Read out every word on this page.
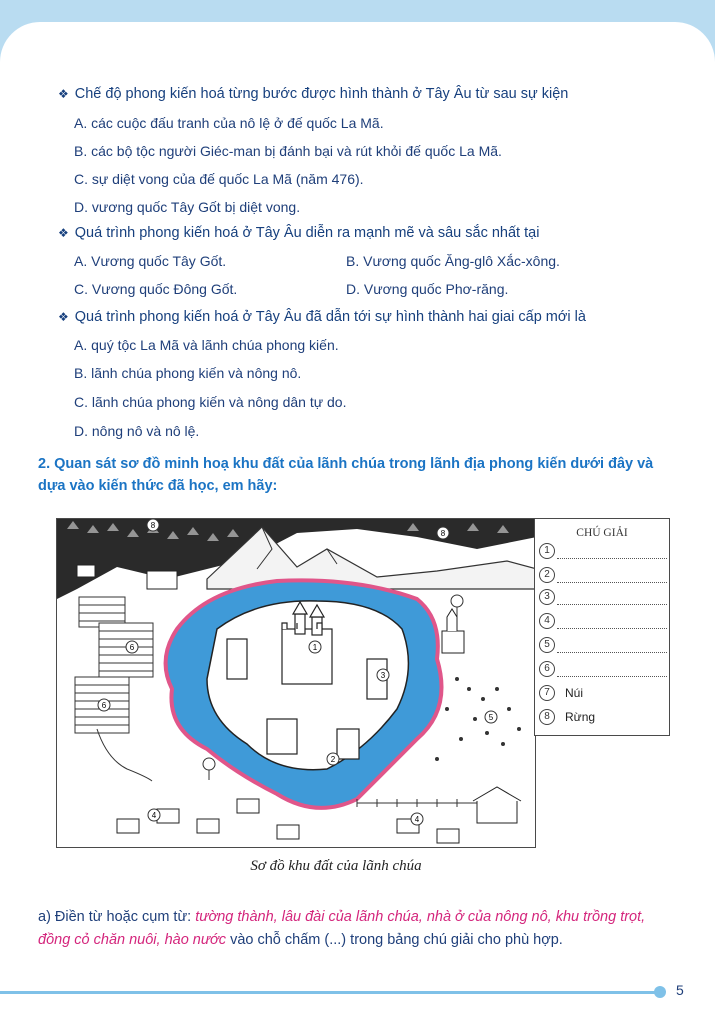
❖ Chế độ phong kiến hoá từng bước được hình thành ở Tây Âu từ sau sự kiện
A. các cuộc đấu tranh của nô lệ ở đế quốc La Mã.
B. các bộ tộc người Giéc-man bị đánh bại và rút khỏi đế quốc La Mã.
C. sự diệt vong của đế quốc La Mã (năm 476).
D. vương quốc Tây Gốt bị diệt vong.
❖ Quá trình phong kiến hoá ở Tây Âu diễn ra mạnh mẽ và sâu sắc nhất tại
A. Vương quốc Tây Gốt.	B. Vương quốc Ăng-glô Xắc-xông.
C. Vương quốc Đông Gốt.	D. Vương quốc Phơ-răng.
❖ Quá trình phong kiến hoá ở Tây Âu đã dẫn tới sự hình thành hai giai cấp mới là
A. quý tộc La Mã và lãnh chúa phong kiến.
B. lãnh chúa phong kiến và nông nô.
C. lãnh chúa phong kiến và nông dân tự do.
D. nông nô và nô lệ.
2. Quan sát sơ đồ minh hoạ khu đất của lãnh chúa trong lãnh địa phong kiến dưới đây và
dựa vào kiến thức đã học, em hãy:
1
2
3
4	4
5
6
6
8
8	CHÚ GIẢI
1
2
3
4
5
6
7	Núi
8	Rừng
Sơ đồ khu đất của lãnh chúa
a) Điền từ hoặc cụm từ: tường thành, lâu đài của lãnh chúa, nhà ở của nông nô, khu trồng trọt,
đồng cỏ chăn nuôi, hào nước vào chỗ chấm (...) trong bảng chú giải cho phù hợp.
5
